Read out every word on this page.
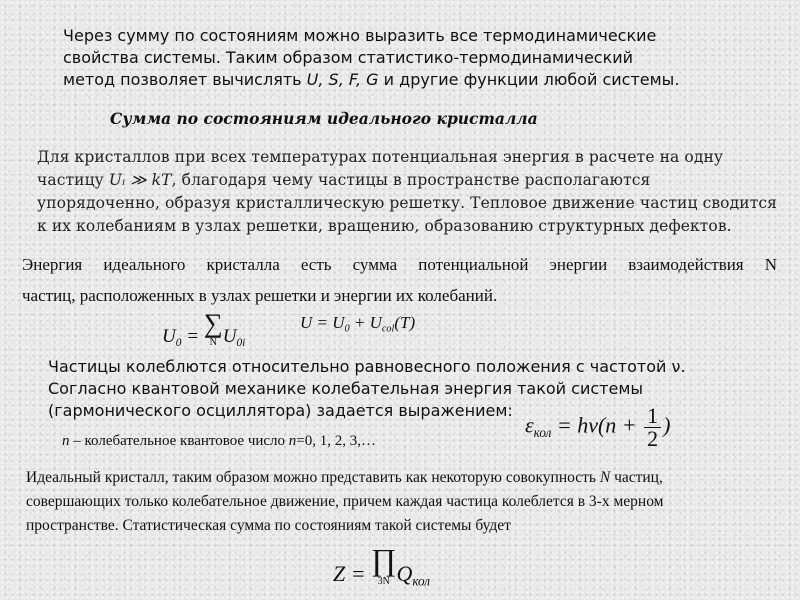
Через сумму по состояниям можно выразить все термодинамические
свойства системы. Таким образом статистико-термодинамический
метод позволяет вычислять U, S, F, G и другие функции любой системы.
Сумма по состояниям идеального кристалла
Для кристаллов при всех температурах потенциальная энергия в расчете на одну
частицу Uᵢ ≫ kT, благодаря чему частицы в пространстве располагаются
упорядоченно, образуя кристаллическую решетку. Тепловое движение частиц сводится
к их колебаниям в узлах решетки, вращению, образованию структурных дефектов.
Энергия идеального кристалла есть сумма потенциальной энергии взаимодействия N
частиц, расположенных в узлах решетки и энергии их колебаний.
$U_0$ = ∑
N $U_{0i}$
$U = U_0 + U_{col}(T)$
Частицы колеблются относительно равновесного положения с частотой ν.
Согласно квантовой механике колебательная энергия такой системы
(гармонического осциллятора) задается выражением:
$\varepsilon_{кол} = h\nu(n + \frac{1}{2}$ )
n – колебательное квантовое число n=0, 1, 2, 3,…
Идеальный кристалл, таким образом можно представить как некоторую совокупность N частиц,
совершающих только колебательное движение, причем каждая частица колеблется в 3-х мерном
пространстве. Статистическая сумма по состояниям такой системы будет
Z = ∏
3N $Q_{кол}$
